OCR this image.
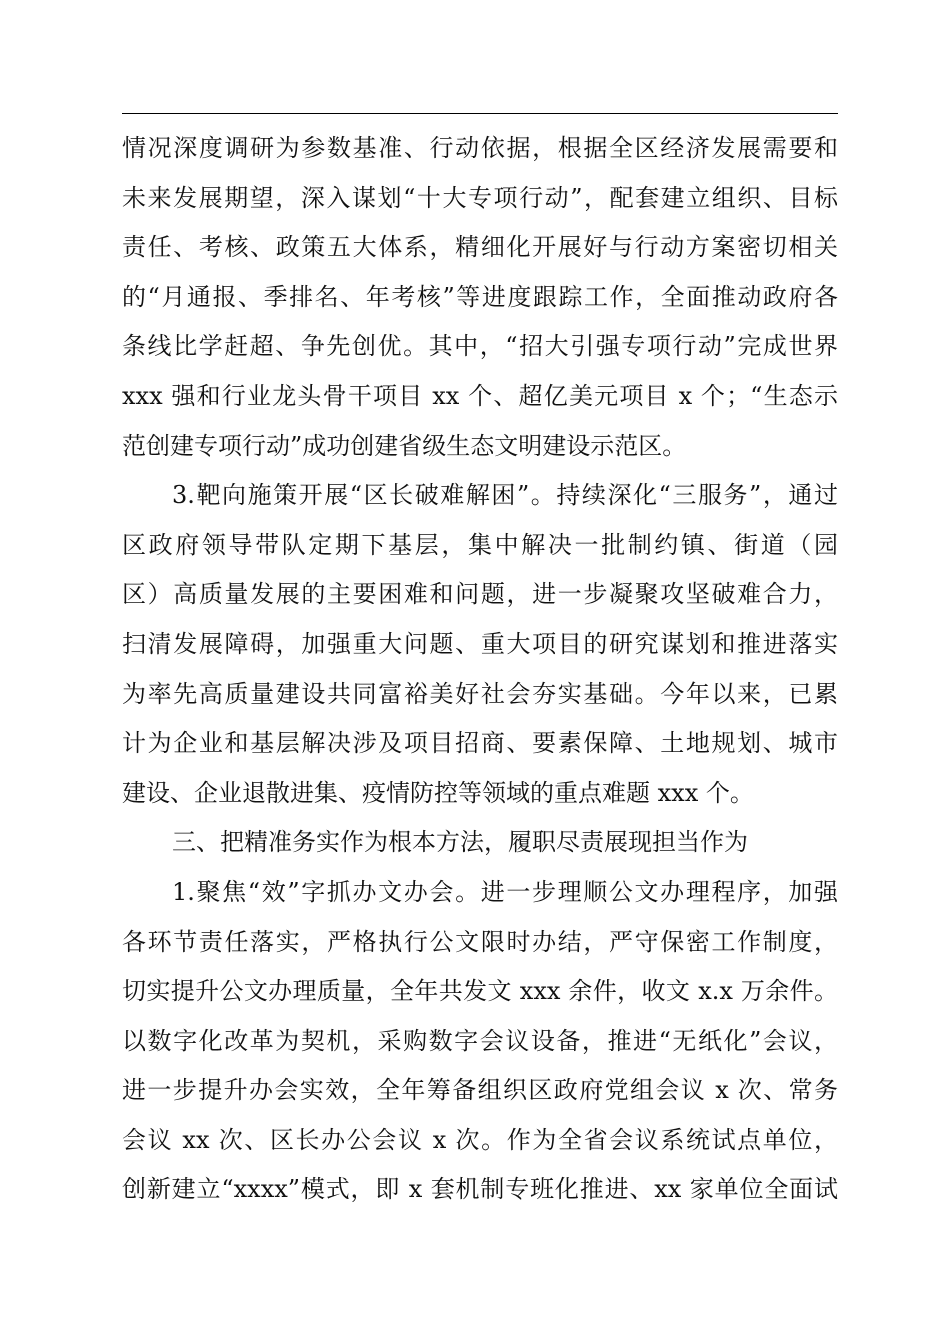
情况深度调研为参数基准、行动依据，根据全区经济发展需要和
未来发展期望，深入谋划“十大专项行动”，配套建立组织、目标
责任、考核、政策五大体系，精细化开展好与行动方案密切相关
的“月通报、季排名、年考核”等进度跟踪工作，全面推动政府各
条线比学赶超、争先创优。其中，“招大引强专项行动”完成世界
xxx 强和行业龙头骨干项目 xx 个、超亿美元项目 x 个；“生态示
范创建专项行动”成功创建省级生态文明建设示范区。
3.靶向施策开展“区长破难解困”。持续深化“三服务”，通过
区政府领导带队定期下基层，集中解决一批制约镇、街道（园
区）高质量发展的主要困难和问题，进一步凝聚攻坚破难合力，
扫清发展障碍，加强重大问题、重大项目的研究谋划和推进落实
为率先高质量建设共同富裕美好社会夯实基础。今年以来，已累
计为企业和基层解决涉及项目招商、要素保障、土地规划、城市
建设、企业退散进集、疫情防控等领域的重点难题 xxx 个。
三、把精准务实作为根本方法，履职尽责展现担当作为
1.聚焦“效”字抓办文办会。进一步理顺公文办理程序，加强
各环节责任落实，严格执行公文限时办结，严守保密工作制度，
切实提升公文办理质量，全年共发文 xxx 余件，收文 x.x 万余件。
以数字化改革为契机，采购数字会议设备，推进“无纸化”会议，
进一步提升办会实效，全年筹备组织区政府党组会议 x 次、常务
会议 xx 次、区长办公会议 x 次。作为全省会议系统试点单位，
创新建立“xxxx”模式，即 x 套机制专班化推进、xx 家单位全面试
